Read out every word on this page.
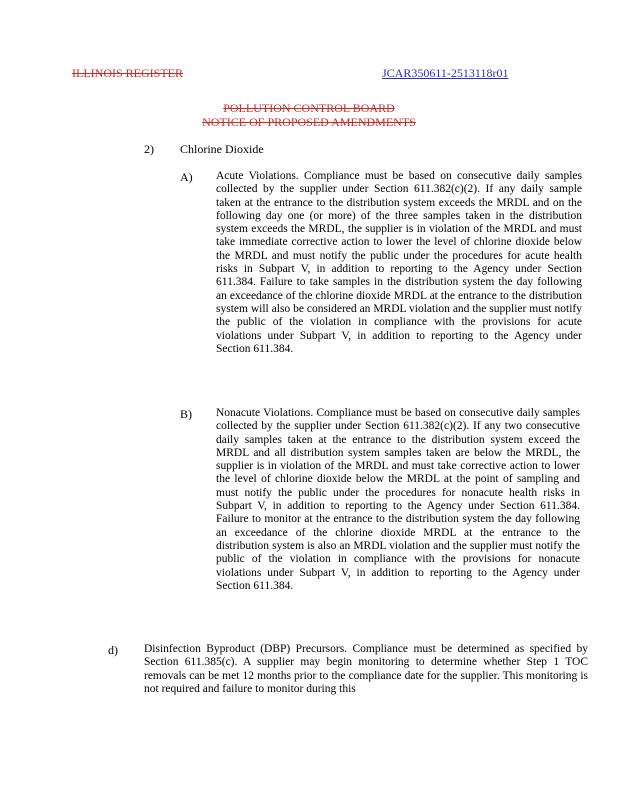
ILLINOIS REGISTER	JCAR350611-2513118r01
POLLUTION CONTROL BOARD
NOTICE OF PROPOSED AMENDMENTS
2) Chlorine Dioxide
A) Acute Violations. Compliance must be based on consecutive daily samples collected by the supplier under Section 611.382(c)(2). If any daily sample taken at the entrance to the distribution system exceeds the MRDL and on the following day one (or more) of the three samples taken in the distribution system exceeds the MRDL, the supplier is in violation of the MRDL and must take immediate corrective action to lower the level of chlorine dioxide below the MRDL and must notify the public under the procedures for acute health risks in Subpart V, in addition to reporting to the Agency under Section 611.384. Failure to take samples in the distribution system the day following an exceedance of the chlorine dioxide MRDL at the entrance to the distribution system will also be considered an MRDL violation and the supplier must notify the public of the violation in compliance with the provisions for acute violations under Subpart V, in addition to reporting to the Agency under Section 611.384.

B) Nonacute Violations. Compliance must be based on consecutive daily samples collected by the supplier under Section 611.382(c)(2). If any two consecutive daily samples taken at the entrance to the distribution system exceed the MRDL and all distribution system samples taken are below the MRDL, the supplier is in violation of the MRDL and must take corrective action to lower the level of chlorine dioxide below the MRDL at the point of sampling and must notify the public under the procedures for nonacute health risks in Subpart V, in addition to reporting to the Agency under Section 611.384. Failure to monitor at the entrance to the distribution system the day following an exceedance of the chlorine dioxide MRDL at the entrance to the distribution system is also an MRDL violation and the supplier must notify the public of the violation in compliance with the provisions for nonacute violations under Subpart V, in addition to reporting to the Agency under Section 611.384.

d) Disinfection Byproduct (DBP) Precursors. Compliance must be determined as specified by Section 611.385(c). A supplier may begin monitoring to determine whether Step 1 TOC removals can be met 12 months prior to the compliance date for the supplier. This monitoring is not required and failure to monitor during this
